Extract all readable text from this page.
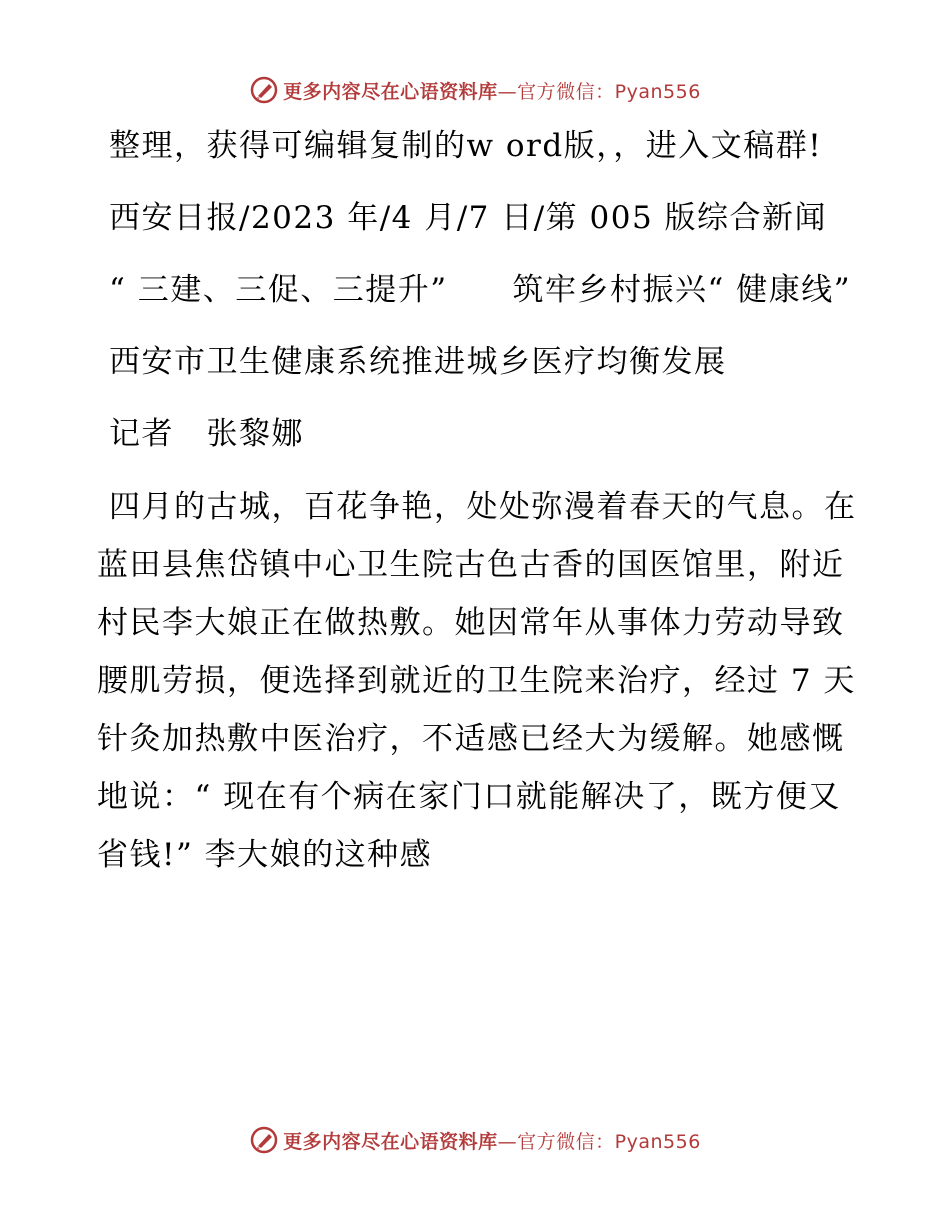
更多内容尽在心语资料库—官方微信：Pyan556

整理，获得可编辑复制的w ord版，，进入文稿群!

西安日报/2023 年/4 月/7 日/第 005 版综合新闻

“ 三建、三促、三提升”　　筑牢乡村振兴“ 健康线”

西安市卫生健康系统推进城乡医疗均衡发展

记者　张黎娜

四月的古城，百花争艳，处处弥漫着春天的气息。在蓝田县焦岱镇中心卫生院古色古香的国医馆里，附近村民李大娘正在做热敷。她因常年从事体力劳动导致腰肌劳损，便选择到就近的卫生院来治疗，经过 7 天针灸加热敷中医治疗，不适感已经大为缓解。她感慨地说：“ 现在有个病在家门口就能解决了，既方便又省钱!” 李大娘的这种感

更多内容尽在心语资料库—官方微信：Pyan556
